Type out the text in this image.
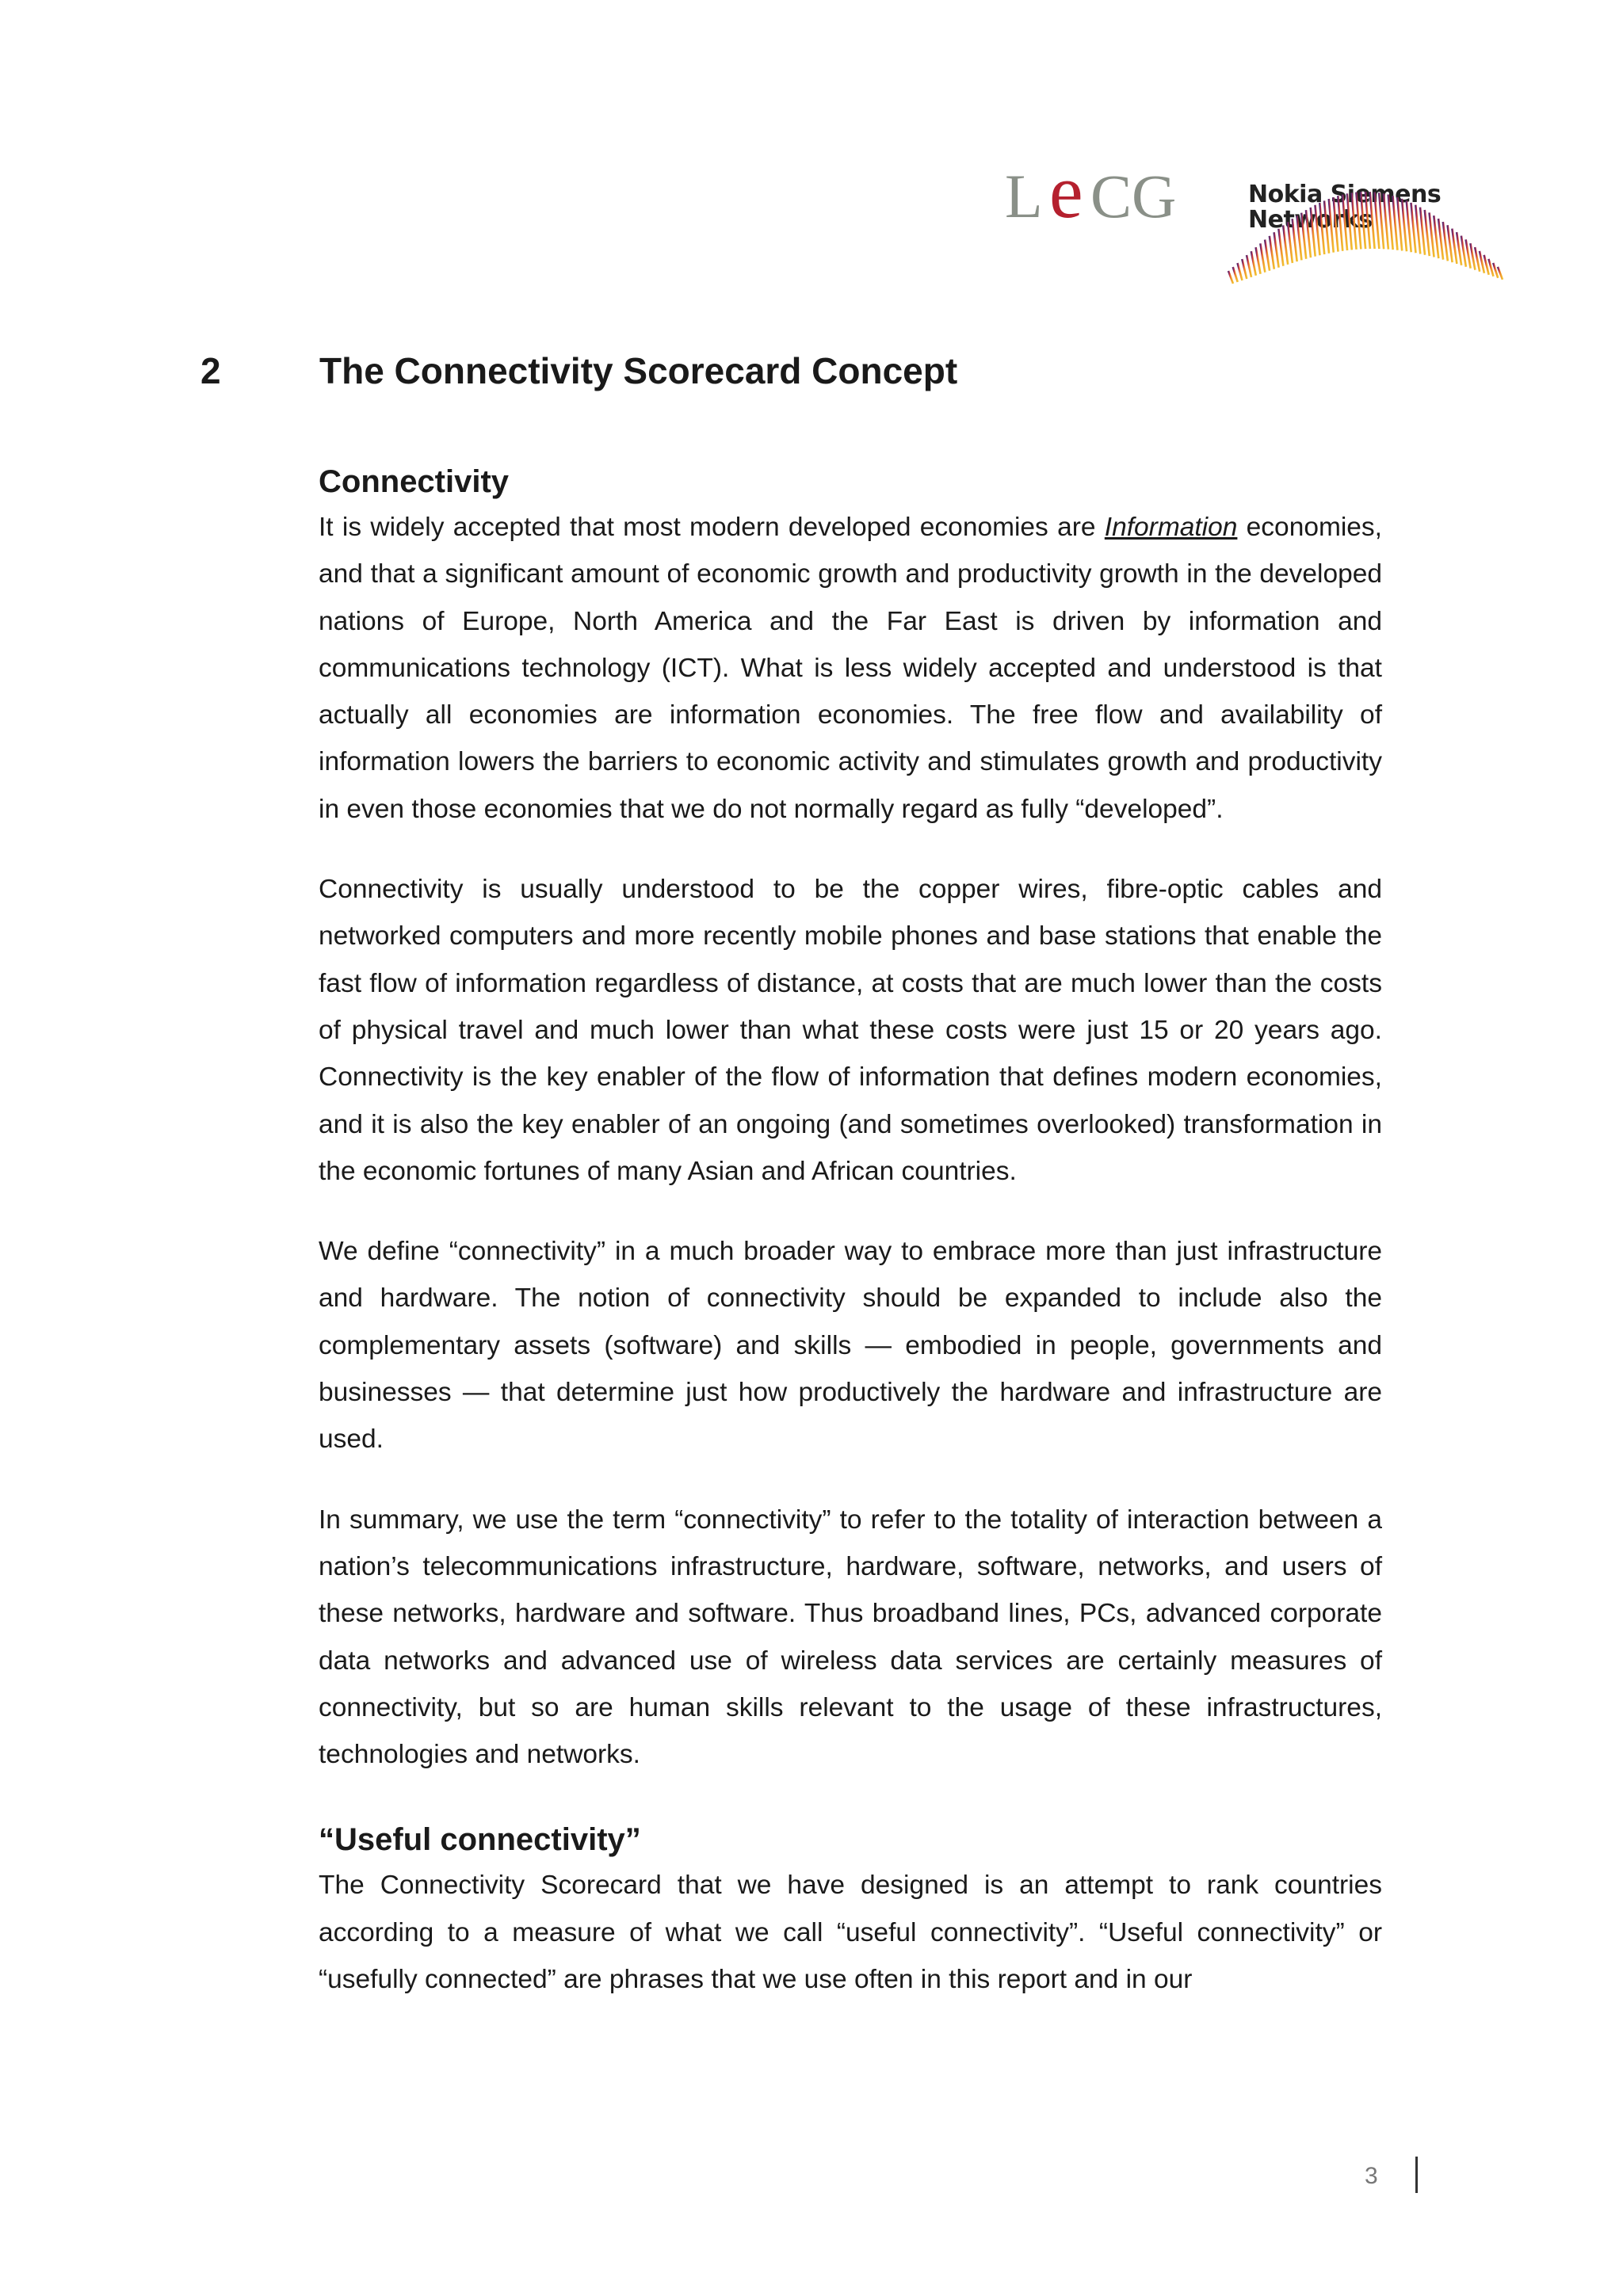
L e CG	Nokia Siemens
Networks
2	The Connectivity Scorecard Concept
Connectivity

It is widely accepted that most modern developed economies are Information economies, and that a significant amount of economic growth and productivity growth in the developed nations of Europe, North America and the Far East is driven by information and communications technology (ICT). What is less widely accepted and understood is that actually all economies are information economies. The free flow and availability of information lowers the barriers to economic activity and stimulates growth and productivity in even those economies that we do not normally regard as fully “developed”.

Connectivity is usually understood to be the copper wires, fibre-optic cables and networked computers and more recently mobile phones and base stations that enable the fast flow of information regardless of distance, at costs that are much lower than the costs of physical travel and much lower than what these costs were just 15 or 20 years ago. Connectivity is the key enabler of the flow of information that defines modern economies, and it is also the key enabler of an ongoing (and sometimes overlooked) transformation in the economic fortunes of many Asian and African countries.

We define “connectivity” in a much broader way to embrace more than just infrastructure and hardware. The notion of connectivity should be expanded to include also the complementary assets (software) and skills — embodied in people, governments and businesses — that determine just how productively the hardware and infrastructure are used.

In summary, we use the term “connectivity” to refer to the totality of interaction between a nation’s telecommunications infrastructure, hardware, software, networks, and users of these networks, hardware and software. Thus broadband lines, PCs, advanced corporate data networks and advanced use of wireless data services are certainly measures of connectivity, but so are human skills relevant to the usage of these infrastructures, technologies and networks.

“Useful connectivity”

The Connectivity Scorecard that we have designed is an attempt to rank countries according to a measure of what we call “useful connectivity”. “Useful connectivity” or “usefully connected” are phrases that we use often in this report and in our

3
